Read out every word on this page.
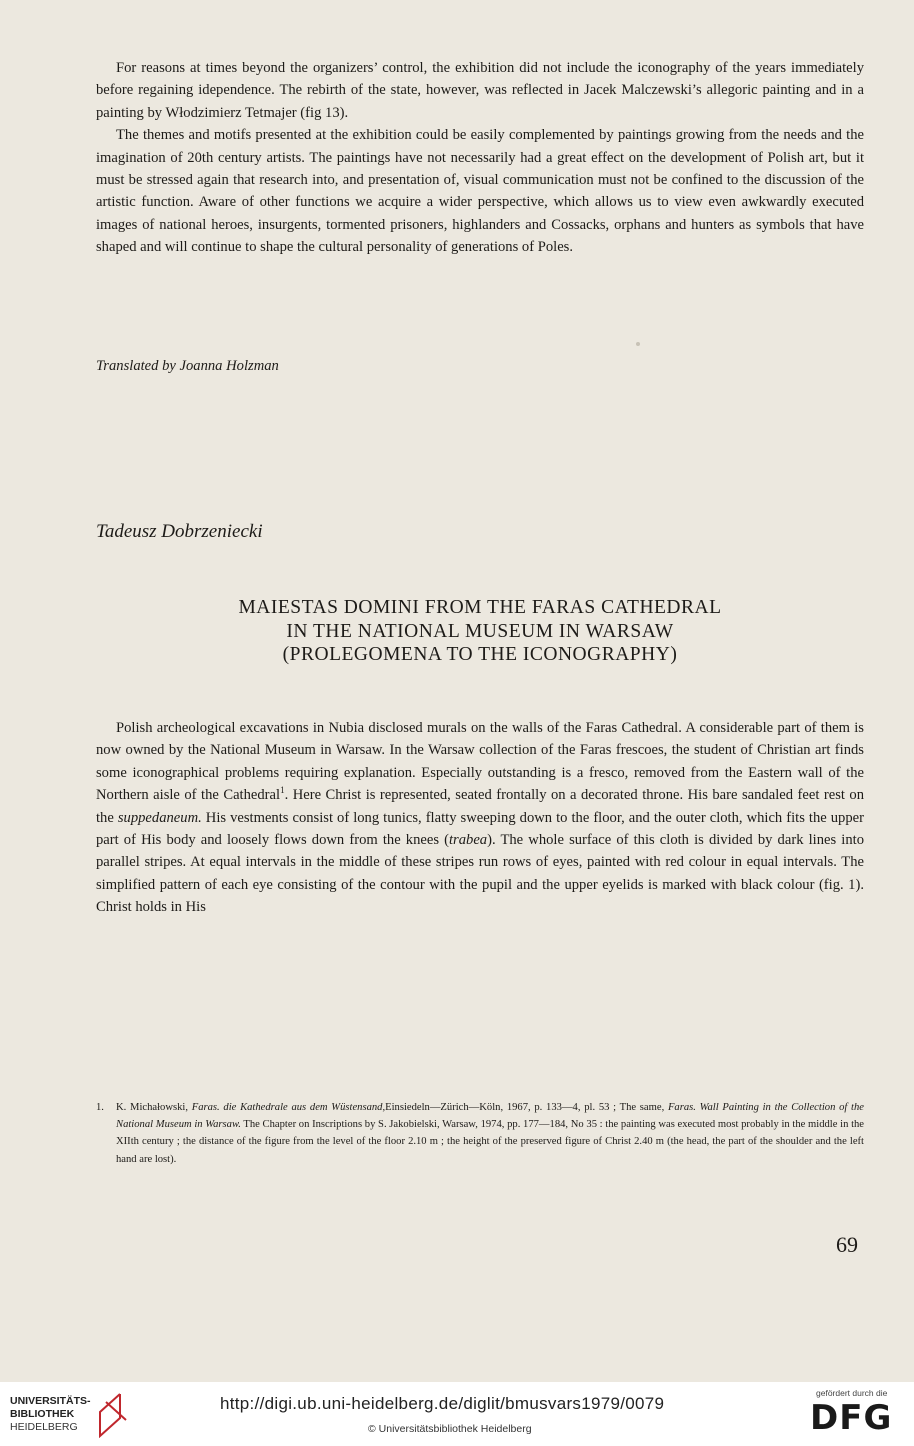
For reasons at times beyond the organizers’ control, the exhibition did not include the iconography of the years immediately before regaining idependence. The rebirth of the state, however, was reflected in Jacek Malczewski’s allegoric painting and in a painting by Włodzimierz Tetmajer (fig 13).

The themes and motifs presented at the exhibition could be easily complemented by paintings growing from the needs and the imagination of 20th century artists. The paintings have not necessarily had a great effect on the development of Polish art, but it must be stressed again that research into, and presentation of, visual communication must not be confined to the discussion of the artistic function. Aware of other functions we acquire a wider perspective, which allows us to view even awkwardly executed images of national heroes, insurgents, tormented prisoners, highlanders and Cossacks, orphans and hunters as symbols that have shaped and will continue to shape the cultural personality of generations of Poles.

Translated by Joanna Holzman
Tadeusz Dobrzeniecki
MAIESTAS DOMINI FROM THE FARAS CATHEDRAL
IN THE NATIONAL MUSEUM IN WARSAW
(PROLEGOMENA TO THE ICONOGRAPHY)

Polish archeological excavations in Nubia disclosed murals on the walls of the Faras Cathedral. A considerable part of them is now owned by the National Museum in Warsaw. In the Warsaw collection of the Faras frescoes, the student of Christian art finds some iconographical problems requiring explanation. Especially outstanding is a fresco, removed from the Eastern wall of the Northern aisle of the Cathedral$^1$. Here Christ is represented, seated frontally on a decorated throne. His bare sandaled feet rest on the suppedaneum. His vestments consist of long tunics, flatty sweeping down to the floor, and the outer cloth, which fits the upper part of His body and loosely flows down from the knees (trabea). The whole surface of this cloth is divided by dark lines into parallel stripes. At equal intervals in the middle of these stripes run rows of eyes, painted with red colour in equal intervals. The simplified pattern of each eye consisting of the contour with the pupil and the upper eyelids is marked with black colour (fig. 1). Christ holds in His

1. K. Michałowski, Faras. die Kathedrale aus dem Wüstensand,Einsiedeln—Zürich—Köln, 1967, p. 133—4, pl. 53 ; The same, Faras. Wall Painting in the Collection of the National Museum in Warsaw. The Chapter on Inscriptions by S. Jakobielski, Warsaw, 1974, pp. 177—184, No 35 : the painting was executed most probably in the middle in the XIIth century ; the distance of the figure from the level of the floor 2.10 m ; the height of the preserved figure of Christ 2.40 m (the head, the part of the shoulder and the left hand are lost).
69
UNIVERSITÄTS-
BIBLIOTHEK
HEIDELBERG
http://digi.ub.uni-heidelberg.de/diglit/bmusvars1979/0079
© Universitätsbibliothek Heidelberg
gefördert durch die
DFG
